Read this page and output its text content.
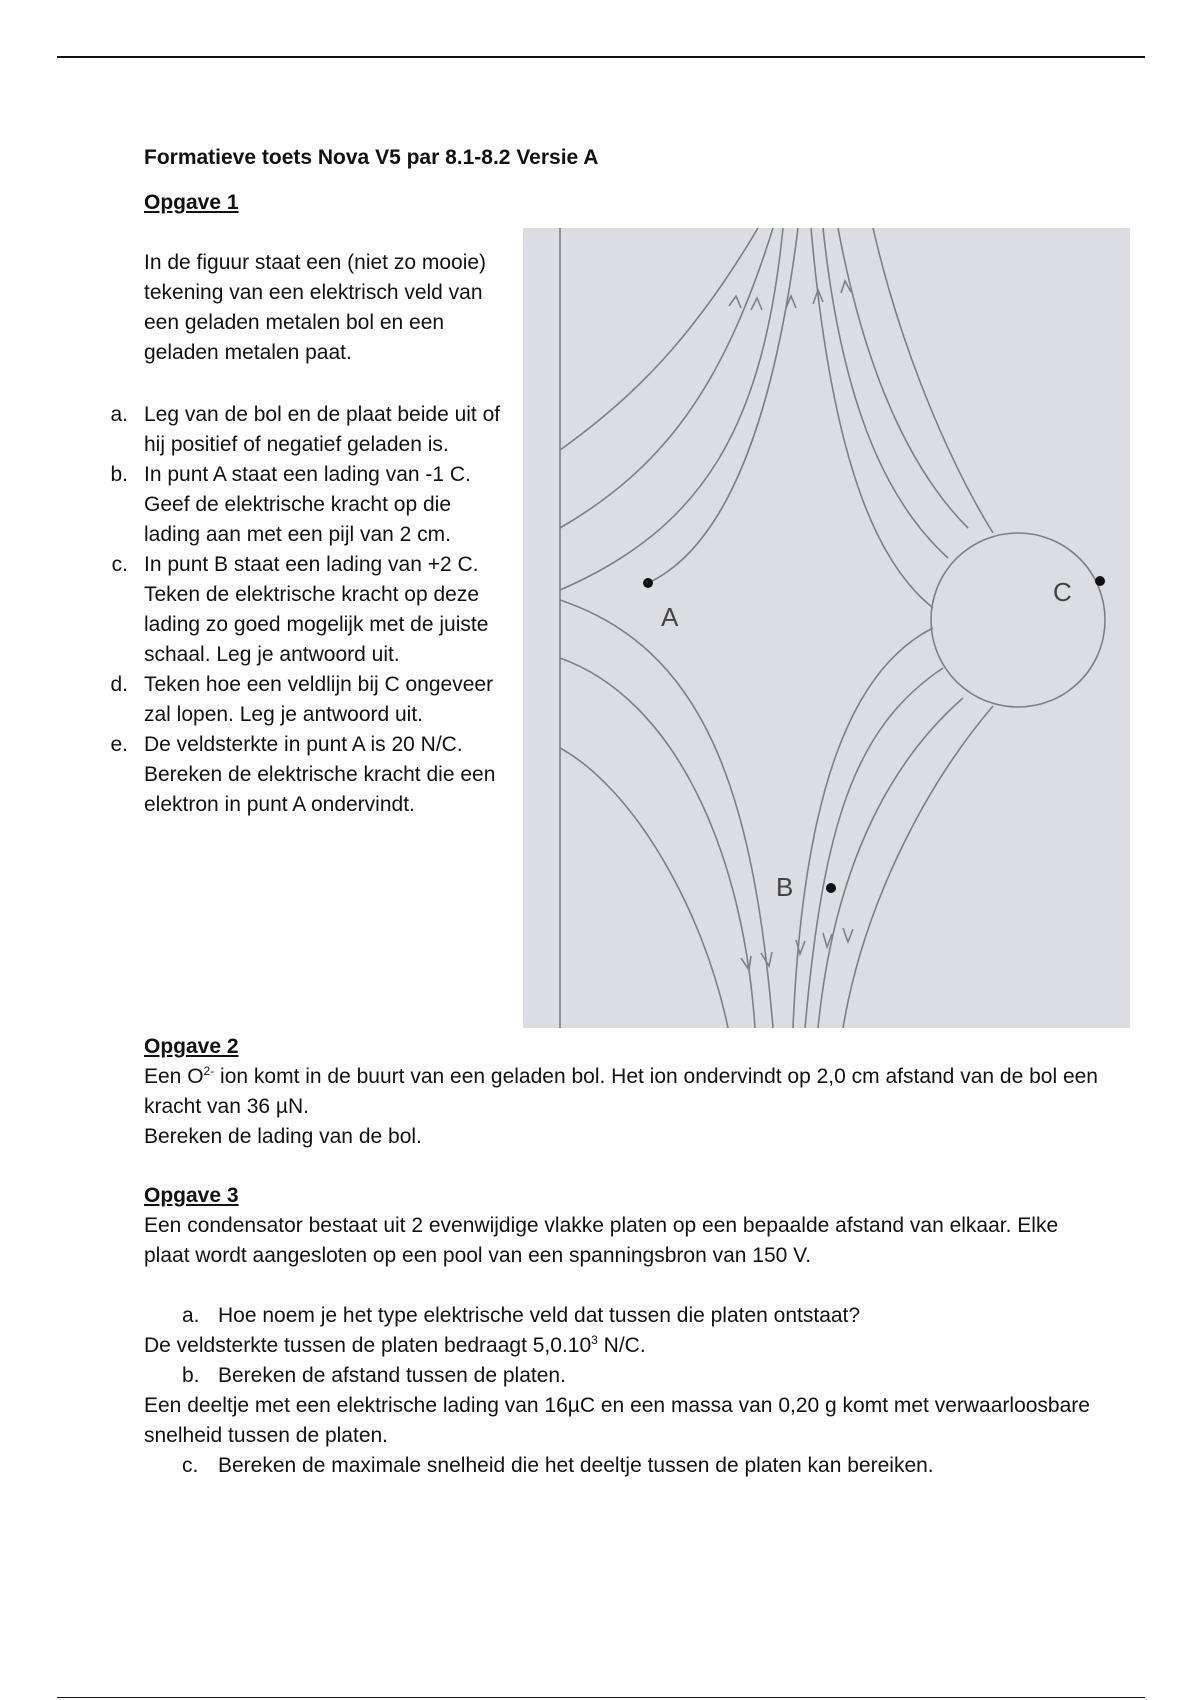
Formatieve toets Nova V5 par 8.1-8.2 Versie A
Opgave 1

In de figuur staat een (niet zo mooie) tekening van een elektrisch veld van een geladen metalen bol en een geladen metalen paat.

a. Leg van de bol en de plaat beide uit of hij positief of negatief geladen is.
b. In punt A staat een lading van -1 C. Geef de elektrische kracht op die lading aan met een pijl van 2 cm.
c. In punt B staat een lading van +2 C. Teken de elektrische kracht op deze lading zo goed mogelijk met de juiste schaal. Leg je antwoord uit.
d. Teken hoe een veldlijn bij C ongeveer zal lopen. Leg je antwoord uit.
e. De veldsterkte in punt A is 20 N/C. Bereken de elektrische kracht die een elektron in punt A ondervindt.
A
B
C
Opgave 2

Een $O^{2-}$ ion komt in de buurt van een geladen bol. Het ion ondervindt op 2,0 cm afstand van de bol een kracht van 36 µN.
Bereken de lading van de bol.

Opgave 3

Een condensator bestaat uit 2 evenwijdige vlakke platen op een bepaalde afstand van elkaar. Elke plaat wordt aangesloten op een pool van een spanningsbron van 150 V.

a. Hoe noem je het type elektrische veld dat tussen die platen ontstaat?
De veldsterkte tussen de platen bedraagt 5,0.10$^3$ N/C.
b. Bereken de afstand tussen de platen.
Een deeltje met een elektrische lading van 16µC en een massa van 0,20 g komt met verwaarloosbare snelheid tussen de platen.
c. Bereken de maximale snelheid die het deeltje tussen de platen kan bereiken.
